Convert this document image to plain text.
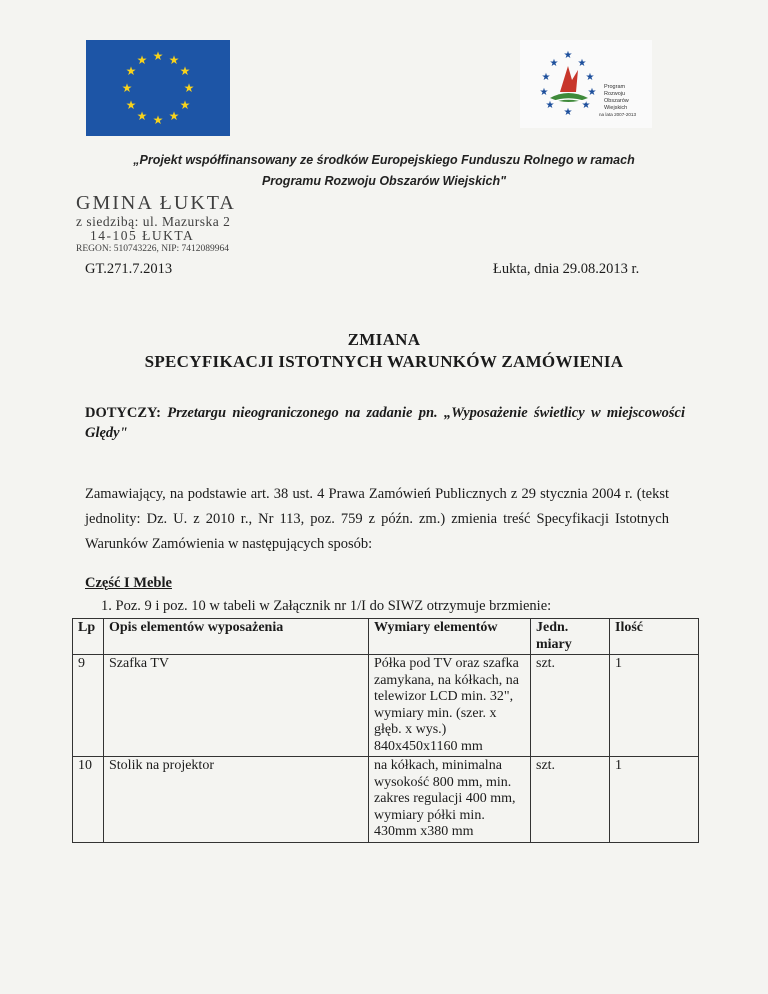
★ ★
★
★
★
★
★
★
★
★
★
★	★
★ ★
★	★
★	★
★	★
★
Program
Rozwoju
Obszarów
Wiejskich
na lata 2007-2013
„Projekt współfinansowany ze środków Europejskiego Funduszu Rolnego w ramach
Programu Rozwoju Obszarów Wiejskich"
GMINA ŁUKTA
z siedzibą: ul. Mazurska 2
14-105 ŁUKTA
REGON: 510743226, NIP: 7412089964
GT.271.7.2013	Łukta, dnia 29.08.2013 r.
ZMIANA
SPECYFIKACJI ISTOTNYCH WARUNKÓW ZAMÓWIENIA
DOTYCZY: Przetargu nieograniczonego na zadanie pn. „Wyposażenie świetlicy w miejscowości Ględy"
Zamawiający, na podstawie art. 38 ust. 4 Prawa Zamówień Publicznych z 29 stycznia 2004 r. (tekst jednolity: Dz. U. z 2010 r., Nr 113, poz. 759 z późn. zm.) zmienia treść Specyfikacji Istotnych Warunków Zamówienia w następujących sposób:
Część I Meble
1. Poz. 9 i poz. 10 w tabeli w Załącznik nr 1/I do SIWZ otrzymuje brzmienie:
Lp	Opis elementów wyposażenia	Wymiary elementów	Jedn. miary	Ilość
9	Szafka TV	Półka pod TV oraz szafka zamykana, na kółkach, na telewizor LCD min. 32", wymiary min. (szer. x głęb. x wys.) 840x450x1160 mm	szt.	1
10	Stolik na projektor	na kółkach, minimalna wysokość 800 mm, min. zakres regulacji 400 mm, wymiary półki min. 430mm x380 mm	szt.	1
